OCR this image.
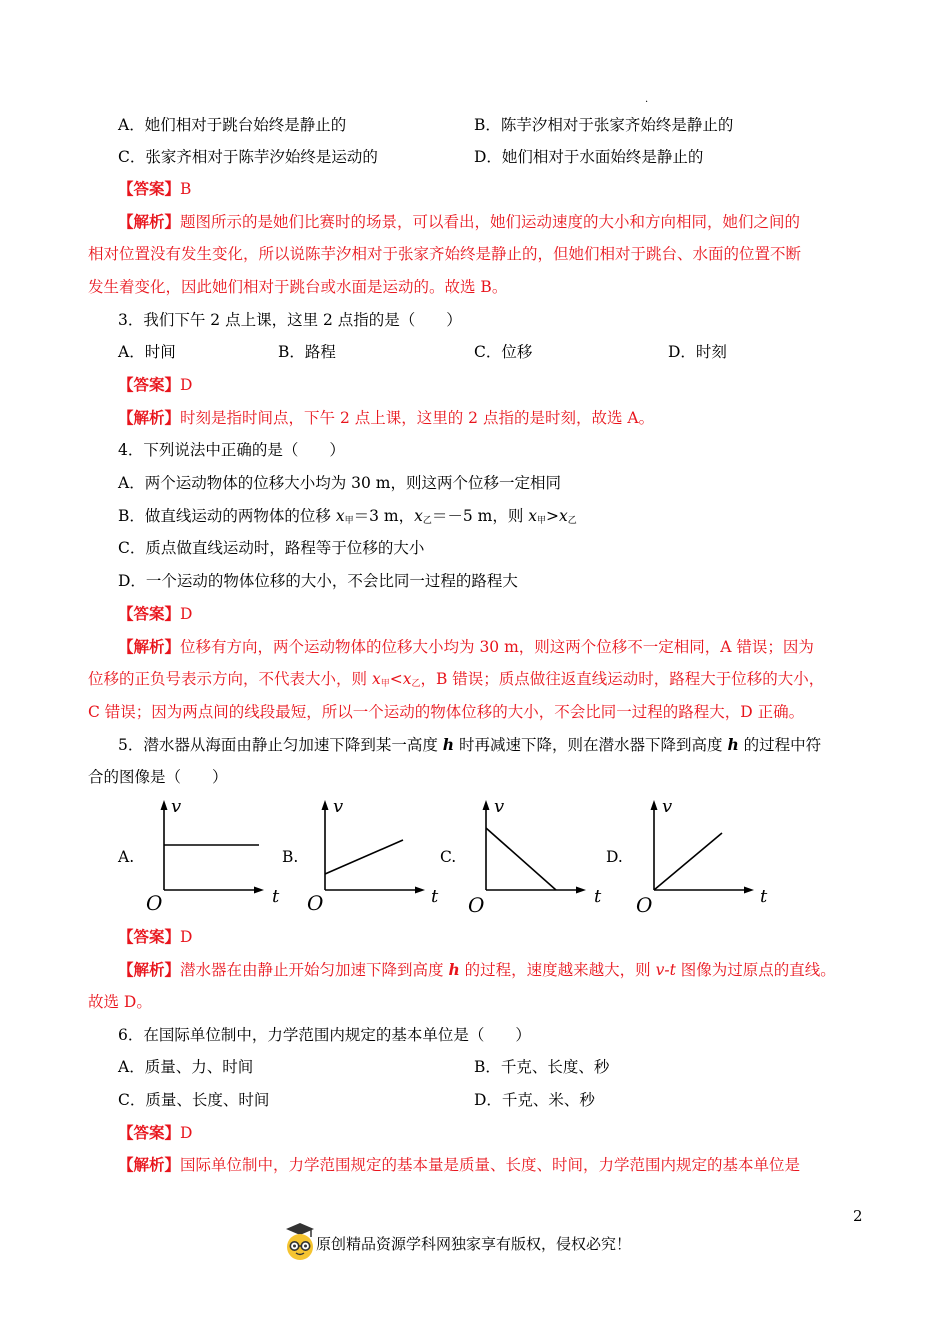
.
A．她们相对于跳台始终是静止的	B．陈芋汐相对于张家齐始终是静止的
C．张家齐相对于陈芋汐始终是运动的	D．她们相对于水面始终是静止的
【答案】B
【解析】题图所示的是她们比赛时的场景，可以看出，她们运动速度的大小和方向相同，她们之间的
相对位置没有发生变化，所以说陈芋汐相对于张家齐始终是静止的，但她们相对于跳台、水面的位置不断
发生着变化，因此她们相对于跳台或水面是运动的。故选 B。
3．我们下午 2 点上课，这里 2 点指的是（　　）
A．时间	B．路程	C．位移	D．时刻
【答案】D
【解析】时刻是指时间点，下午 2 点上课，这里的 2 点指的是时刻，故选 A。
4．下列说法中正确的是（　　）
A．两个运动物体的位移大小均为 30 m，则这两个位移一定相同
B．做直线运动的两物体的位移 $x_甲=3$ m，$x_乙=-5$ m，则 $x_甲>x_乙$
C．质点做直线运动时，路程等于位移的大小
D．一个运动的物体位移的大小，不会比同一过程的路程大
【答案】D
【解析】位移有方向，两个运动物体的位移大小均为 30 m，则这两个位移不一定相同，A 错误；因为
位移的正负号表示方向，不代表大小，则 $x_甲<x_乙$，B 错误；质点做往返直线运动时，路程大于位移的大小，
C 错误；因为两点间的线段最短，所以一个运动的物体位移的大小，不会比同一过程的路程大，D 正确。
5．潜水器从海面由静止匀加速下降到某一高度 h 时再减速下降，则在潜水器下降到高度 h 的过程中符
合的图像是（　　）
A.
v
t
O
B.
v
t
O
C.
v
t
O
D.
v
t
O
【答案】D
【解析】潜水器在由静止开始匀加速下降到高度 h 的过程，速度越来越大，则 v-t 图像为过原点的直线。
故选 D。
6．在国际单位制中，力学范围内规定的基本单位是（　　）
A．质量、力、时间	B．千克、长度、秒
C．质量、长度、时间	D．千克、米、秒
【答案】D
【解析】国际单位制中，力学范围规定的基本量是质量、长度、时间，力学范围内规定的基本单位是
2
原创精品资源学科网独家享有版权，侵权必究！
